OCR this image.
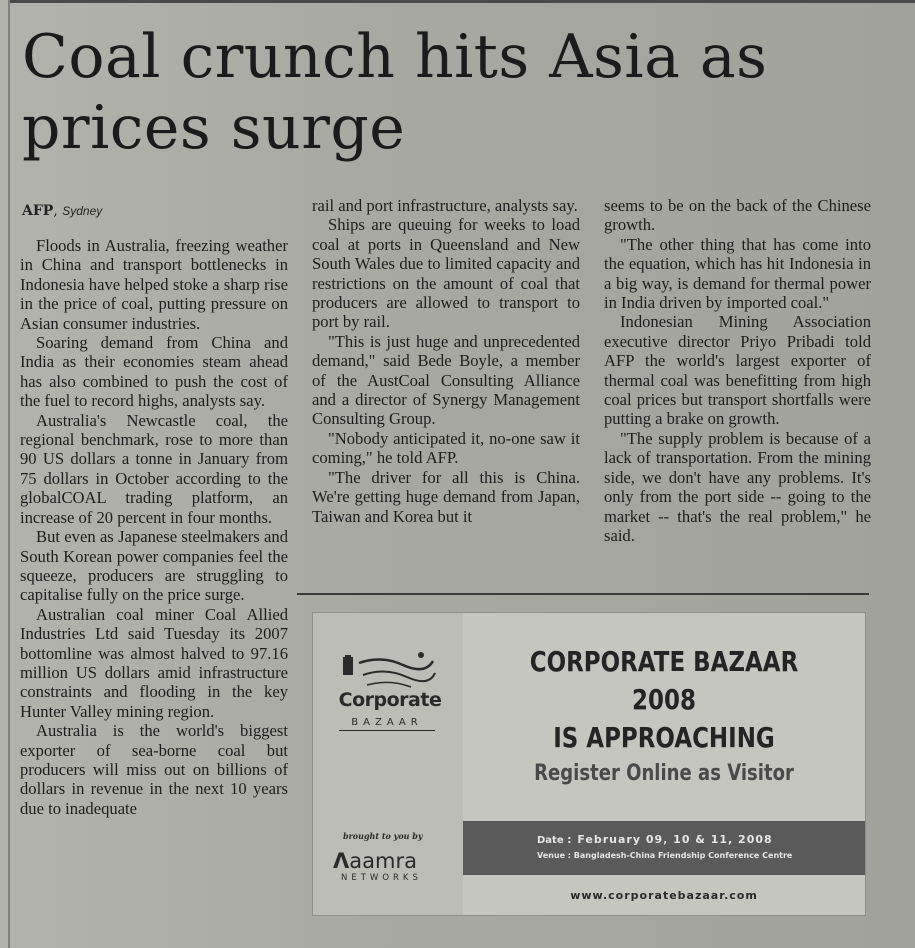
Coal crunch hits Asia as prices surge
AFP, Sydney

Floods in Australia, freezing weather in China and transport bottlenecks in Indonesia have helped stoke a sharp rise in the price of coal, putting pressure on Asian consumer industries.

Soaring demand from China and India as their economies steam ahead has also combined to push the cost of the fuel to record highs, analysts say.

Australia's Newcastle coal, the regional benchmark, rose to more than 90 US dollars a tonne in January from 75 dollars in October according to the globalCOAL trading platform, an increase of 20 percent in four months.

But even as Japanese steelmakers and South Korean power companies feel the squeeze, producers are struggling to capitalise fully on the price surge.

Australian coal miner Coal Allied Industries Ltd said Tuesday its 2007 bottomline was almost halved to 97.16 million US dollars amid infrastructure constraints and flooding in the key Hunter Valley mining region.

Australia is the world's biggest exporter of sea-borne coal but producers will miss out on billions of dollars in revenue in the next 10 years due to inadequate

rail and port infrastructure, analysts say.

Ships are queuing for weeks to load coal at ports in Queensland and New South Wales due to limited capacity and restrictions on the amount of coal that producers are allowed to transport to port by rail.

"This is just huge and unprecedented demand," said Bede Boyle, a member of the AustCoal Consulting Alliance and a director of Synergy Management Consulting Group.

"Nobody anticipated it, no-one saw it coming," he told AFP.

"The driver for all this is China. We're getting huge demand from Japan, Taiwan and Korea but it

seems to be on the back of the Chinese growth.

"The other thing that has come into the equation, which has hit Indonesia in a big way, is demand for thermal power in India driven by imported coal."

Indonesian Mining Association executive director Priyo Pribadi told AFP the world's largest exporter of thermal coal was benefitting from high coal prices but transport shortfalls were putting a brake on growth.

"The supply problem is because of a lack of transportation. From the mining side, we don't have any problems. It's only from the port side -- going to the market -- that's the real problem," he said.

Corporate
BAZAAR
brought to you by
Λaamra
NETWORKS
CORPORATE BAZAAR 2008
IS APPROACHING
Register Online as Visitor
Date : February 09, 10 & 11, 2008
Venue : Bangladesh-China Friendship Conference Centre
www.corporatebazaar.com
